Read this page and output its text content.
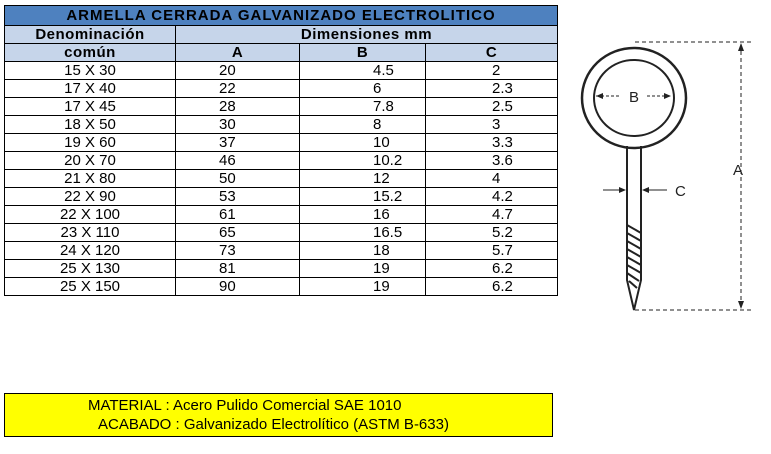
ARMELLA CERRADA GALVANIZADO ELECTROLITICO			
Denominación	Dimensiones mm		
común	A	B	C
15 X 30	20	4.5	2
17 X 40	22	6	2.3
17 X 45	28	7.8	2.5
18 X 50	30	8	3
19 X 60	37	10	3.3
20 X 70	46	10.2	3.6
21 X 80	50	12	4
22 X 90	53	15.2	4.2
22 X 100	61	16	4.7
23 X 110	65	16.5	5.2
24 X 120	73	18	5.7
25 X 130	81	19	6.2
25 X 150	90	19	6.2
MATERIAL : Acero Pulido Comercial SAE 1010
ACABADO : Galvanizado Electrolítico (ASTM B-633)
B
C
A
